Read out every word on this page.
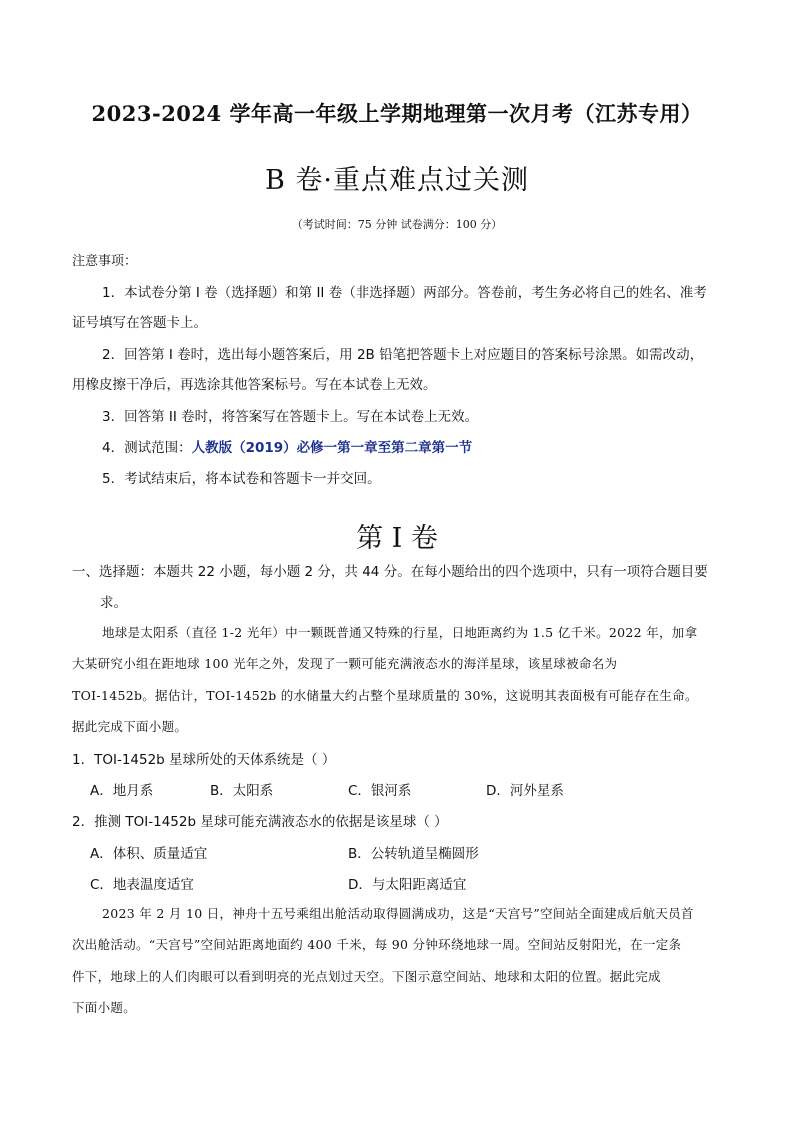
2023-2024 学年高一年级上学期地理第一次月考（江苏专用）
B 卷·重点难点过关测
（考试时间：75 分钟 试卷满分：100 分）
注意事项：
1．本试卷分第 I 卷（选择题）和第 II 卷（非选择题）两部分。答卷前，考生务必将自己的姓名、准考
证号填写在答题卡上。
2．回答第 I 卷时，选出每小题答案后，用 2B 铅笔把答题卡上对应题目的答案标号涂黑。如需改动，
用橡皮擦干净后，再选涂其他答案标号。写在本试卷上无效。
3．回答第 II 卷时，将答案写在答题卡上。写在本试卷上无效。
4．测试范围：人教版（2019）必修一第一章至第二章第一节
5．考试结束后，将本试卷和答题卡一并交回。
第 I 卷
一、选择题：本题共 22 小题，每小题 2 分，共 44 分。在每小题给出的四个选项中，只有一项符合题目要
求。
地球是太阳系（直径 1-2 光年）中一颗既普通又特殊的行星，日地距离约为 1.5 亿千米。2022 年，加拿
大某研究小组在距地球 100 光年之外，发现了一颗可能充满液态水的海洋星球，该星球被命名为
TOI-1452b。据估计，TOI-1452b 的水储量大约占整个星球质量的 30%，这说明其表面极有可能存在生命。
据此完成下面小题。
1．TOI-1452b 星球所处的天体系统是（ ）
A．地月系	B．太阳系	C．银河系	D．河外星系
2．推测 TOI-1452b 星球可能充满液态水的依据是该星球（ ）
A．体积、质量适宜	B．公转轨道呈椭圆形
C．地表温度适宜	D．与太阳距离适宜
2023 年 2 月 10 日，神舟十五号乘组出舱活动取得圆满成功，这是“天宫号”空间站全面建成后航天员首
次出舱活动。“天宫号”空间站距离地面约 400 千米，每 90 分钟环绕地球一周。空间站反射阳光，在一定条
件下，地球上的人们肉眼可以看到明亮的光点划过天空。下图示意空间站、地球和太阳的位置。据此完成
下面小题。
